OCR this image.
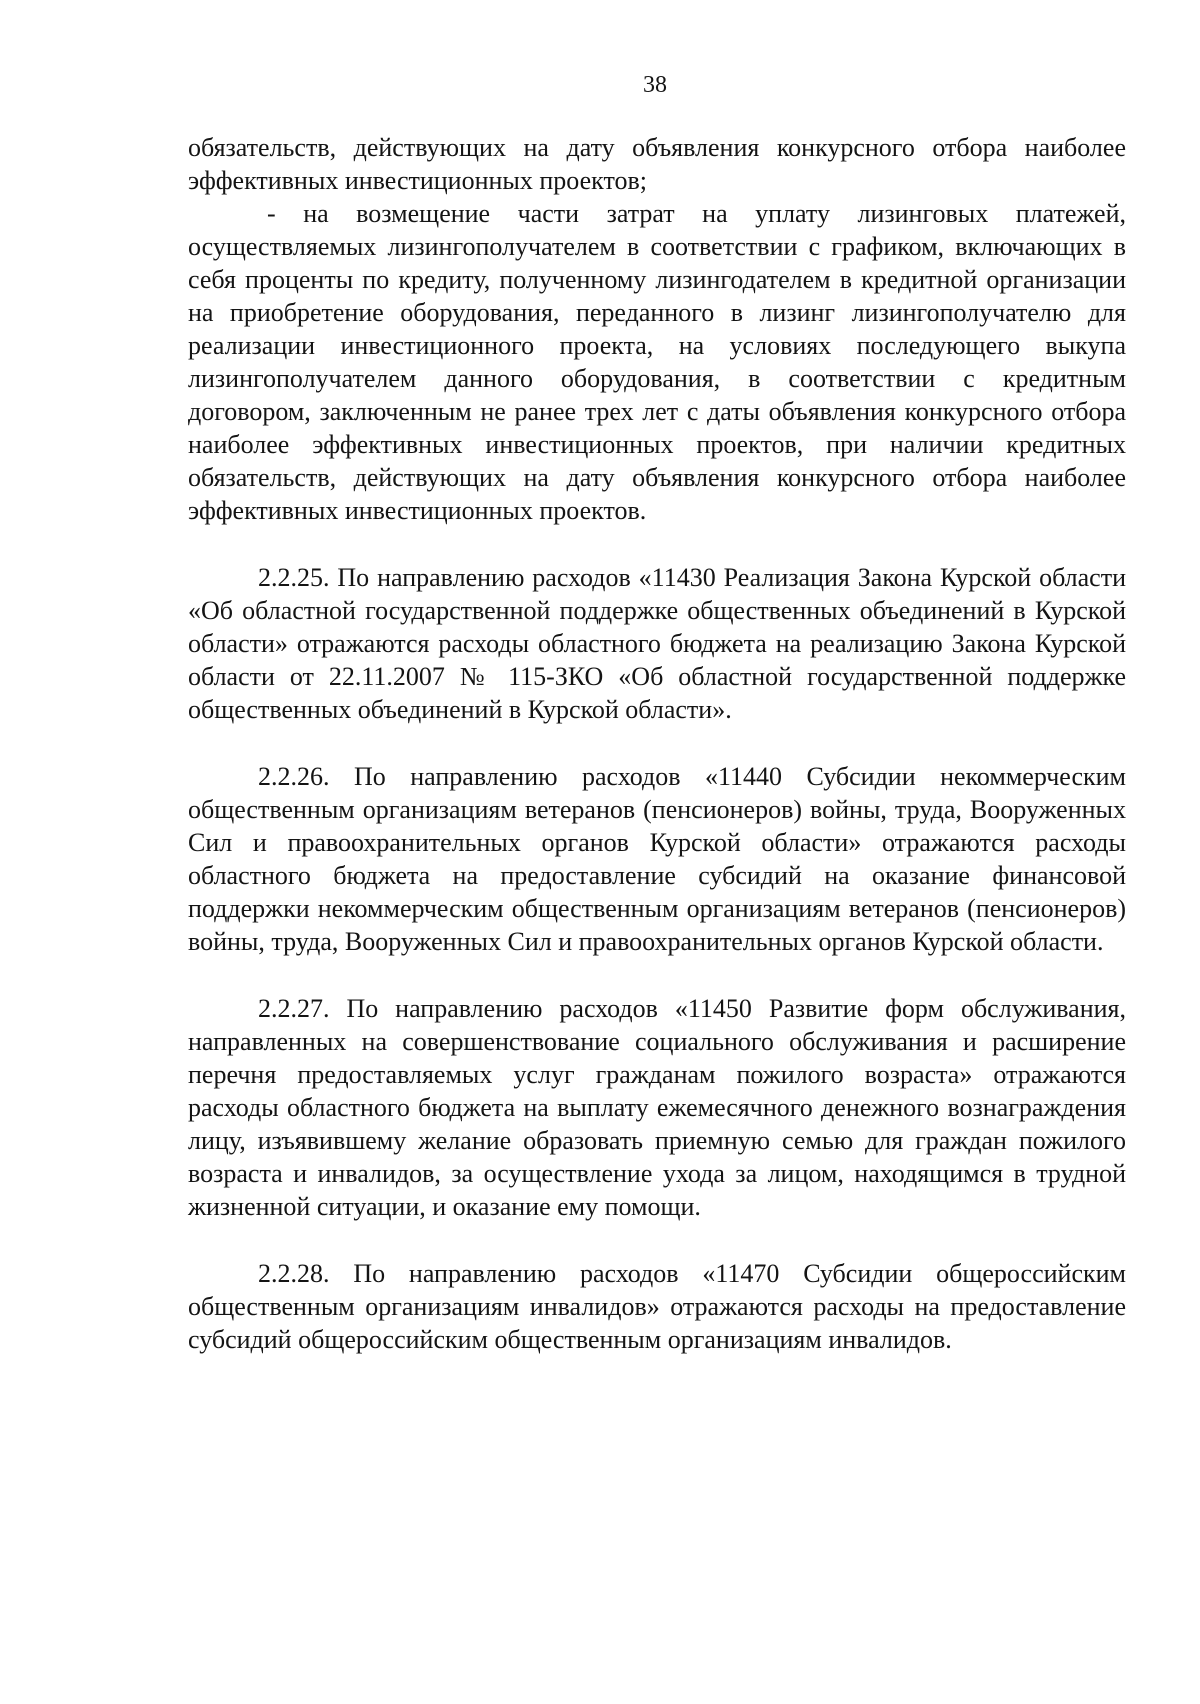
38

обязательств, действующих на дату объявления конкурсного отбора наиболее эффективных инвестиционных проектов;

- на возмещение части затрат на уплату лизинговых платежей, осуществляемых лизингополучателем в соответствии с графиком, включающих в себя проценты по кредиту, полученному лизингодателем в кредитной организации на приобретение оборудования, переданного в лизинг лизингополучателю для реализации инвестиционного проекта, на условиях последующего выкупа лизингополучателем данного оборудования, в соответствии с кредитным договором, заключенным не ранее трех лет с даты объявления конкурсного отбора наиболее эффективных инвестиционных проектов, при наличии кредитных обязательств, действующих на дату объявления конкурсного отбора наиболее эффективных инвестиционных проектов.

2.2.25. По направлению расходов «11430 Реализация Закона Курской области «Об областной государственной поддержке общественных объединений в Курской области» отражаются расходы областного бюджета на реализацию Закона Курской области от 22.11.2007 № 115-ЗКО «Об областной государственной поддержке общественных объединений в Курской области».

2.2.26. По направлению расходов «11440 Субсидии некоммерческим общественным организациям ветеранов (пенсионеров) войны, труда, Вооруженных Сил и правоохранительных органов Курской области» отражаются расходы областного бюджета на предоставление субсидий на оказание финансовой поддержки некоммерческим общественным организациям ветеранов (пенсионеров) войны, труда, Вооруженных Сил и правоохранительных органов Курской области.

2.2.27. По направлению расходов «11450 Развитие форм обслуживания, направленных на совершенствование социального обслуживания и расширение перечня предоставляемых услуг гражданам пожилого возраста» отражаются расходы областного бюджета на выплату ежемесячного денежного вознаграждения лицу, изъявившему желание образовать приемную семью для граждан пожилого возраста и инвалидов, за осуществление ухода за лицом, находящимся в трудной жизненной ситуации, и оказание ему помощи.

2.2.28. По направлению расходов «11470 Субсидии общероссийским общественным организациям инвалидов» отражаются расходы на предоставление субсидий общероссийским общественным организациям инвалидов.
